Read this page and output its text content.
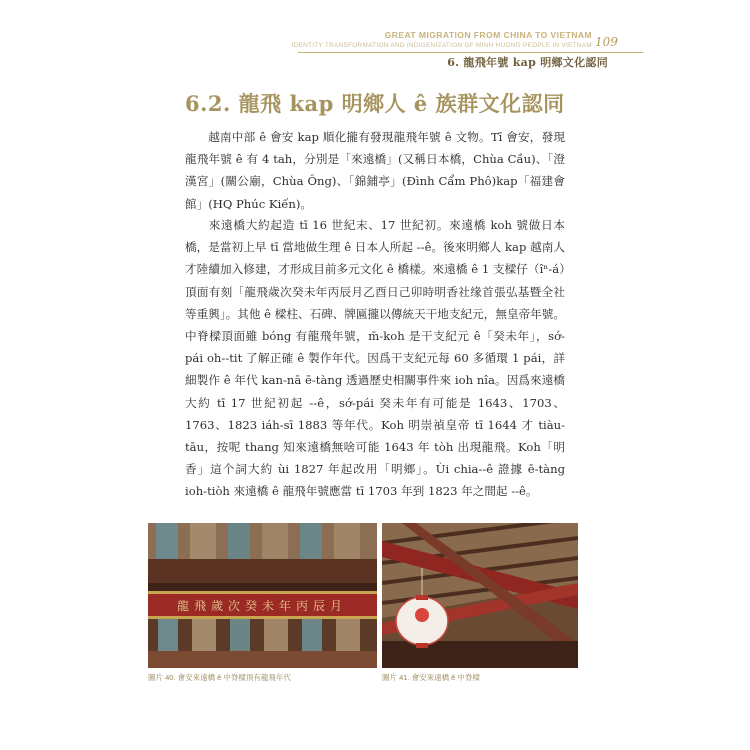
GREAT MIGRATION FROM CHINA TO VIETNAM
IDENTITY TRANSFORMATION AND INDIGENIZATION OF MINH HUONG PEOPLE IN VIETNAM 109
6. 龍飛年號 kap 明鄉文化認同
6.2. 龍飛 kap 明鄉人 ê 族群文化認同

越南中部 ê 會安 kap 順化攏有發現龍飛年號 ê 文物。Tī 會安，發現龍飛年號 ê 有 4 tah，分別是「來遠橋」(又稱日本橋，Chùa Cầu)、「澄漢宮」(關公廟，Chùa Ông)、「錦鋪亭」(Đình Cẩm Phô)kap「福建會館」(HQ Phúc Kiến)。

來遠橋大約起造 tī 16 世紀末、17 世紀初。來遠橋 koh 號做日本橋，是當初上早 tī 當地做生理 ê 日本人所起 --ê。後來明鄉人 kap 越南人才陸續加入修建，才形成目前多元文化 ê 橋樣。來遠橋 ê 1 支樑仔（îⁿ-á）頂面有刻「龍飛歲次癸未年丙辰月乙酉日己卯時明香社缘首張弘基暨全社等重興」。其他 ê 樑柱、石碑、牌匾攏以傳統天干地支紀元，無皇帝年號。中脊樑頂面雖 bóng 有龍飛年號，m̄-koh 是干支紀元 ê「癸未年」，sớ-pái oh--tit 了解正確 ê 製作年代。因爲干支紀元每 60 多循環 1 pái，詳細製作 ê 年代 kan-nā ē-tàng 透過歷史相關事件來 ioh nîa。因爲來遠橋大約 tī 17 世紀初起 --ê，sớ-pái 癸未年有可能是 1643、1703、1763、1823 iáh-sī 1883 等年代。Koh 明崇禎皇帝 tī 1644 才 tiàu-tāu，按呢 thang 知來遠橋無啥可能 1643 年 tòh 出現龍飛。Koh「明香」這个詞大約 ùi 1827 年起改用「明鄉」。Ùi chia--ê 證據 ē-tàng ioh-tiòh 來遠橋 ê 龍飛年號應當 tī 1703 年到 1823 年之間起 --ê。

龍飛歲次癸未年丙辰月
圖片 40. 會安來遠橋 ê 中脊樑頂有龍飛年代	圖片 41. 會安來遠橋 ê 中脊樑
